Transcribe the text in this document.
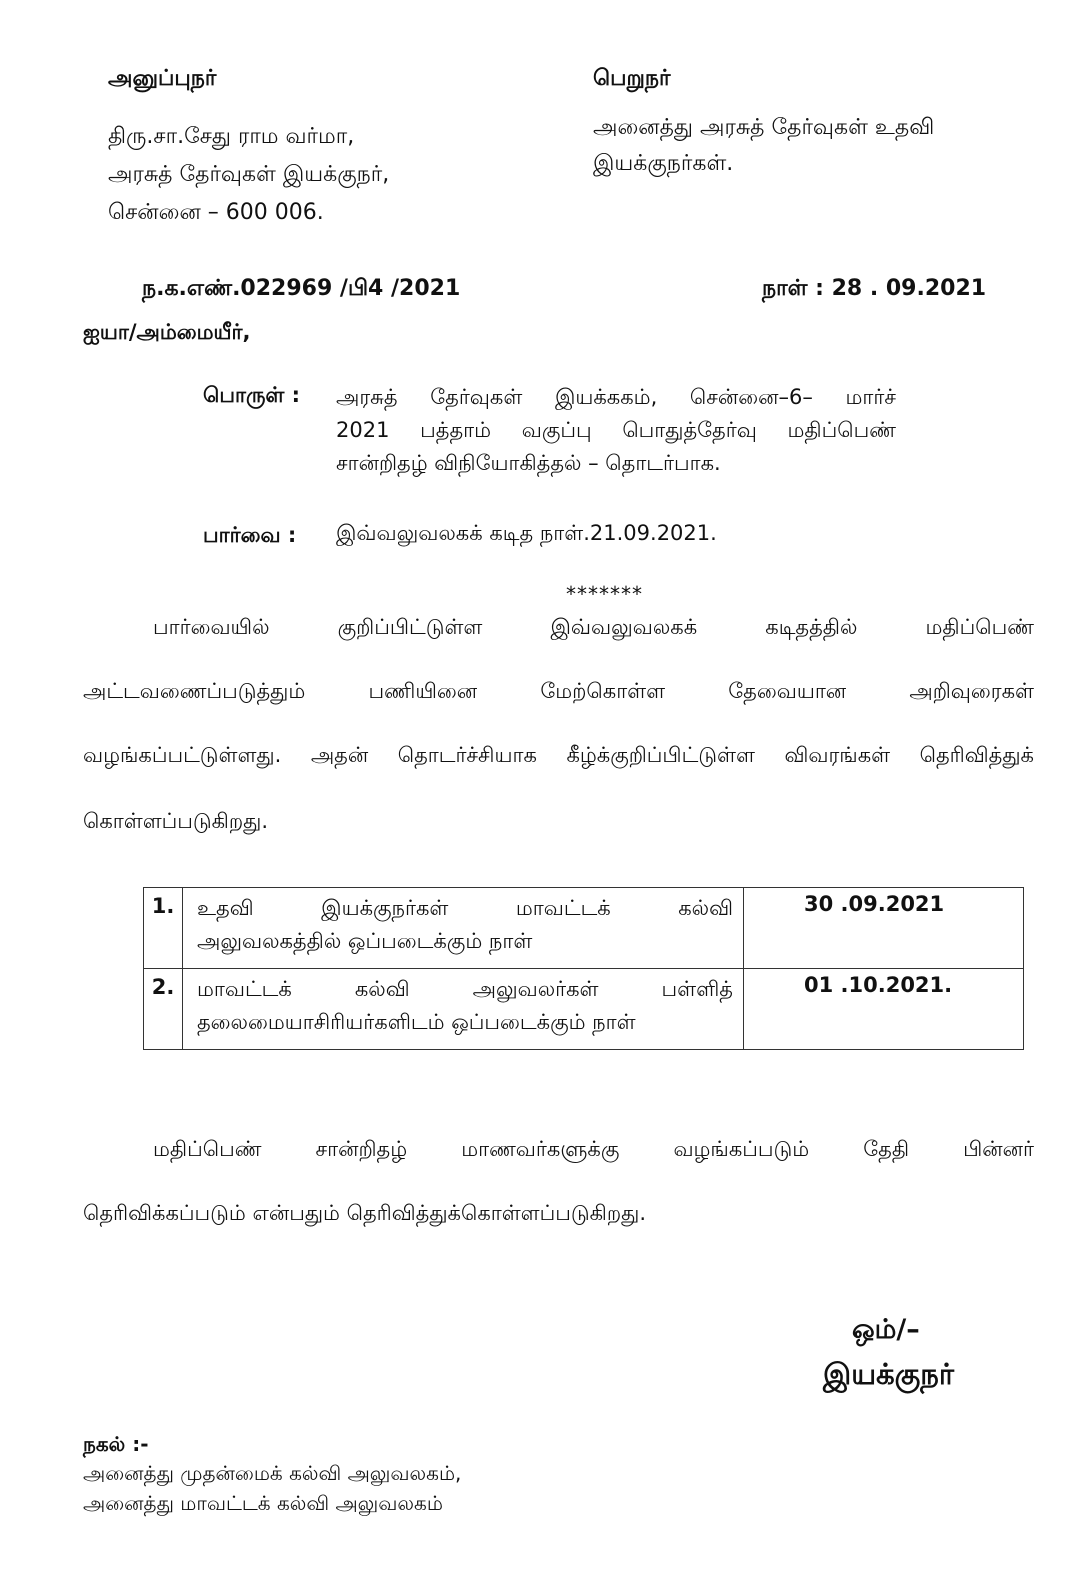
அனுப்புநர்
திரு.சா.சேது ராம வர்மா,
அரசுத் தேர்வுகள் இயக்குநர்,
சென்னை – 600 006.
பெறுநர்
அனைத்து அரசுத் தேர்வுகள் உதவி
இயக்குநர்கள்.
ந.க.எண்.022969 /பி4 /2021	நாள் : 28 . 09.2021
ஐயா/அம்மையீர்,
பொருள் : அரசுத் தேர்வுகள் இயக்ககம், சென்னை–6– மார்ச்
2021 பத்தாம் வகுப்பு பொதுத்தேர்வு மதிப்பெண்
சான்றிதழ் விநியோகித்தல் – தொடர்பாக.
பார்வை : இவ்வலுவலகக் கடித நாள்.21.09.2021.
*******
பார்வையில்	குறிப்பிட்டுள்ள	இவ்வலுவலகக்	கடிதத்தில்	மதிப்பெண்
அட்டவணைப்படுத்தும்	பணியினை	மேற்கொள்ள	தேவையான	அறிவுரைகள்
வழங்கப்பட்டுள்ளது. அதன் தொடர்ச்சியாக கீழ்க்குறிப்பிட்டுள்ள விவரங்கள் தெரிவித்துக்
கொள்ளப்படுகிறது.
1.	உதவி இயக்குநர்கள் மாவட்டக் கல்வி
அலுவலகத்தில் ஒப்படைக்கும் நாள்	30 .09.2021
2.	மாவட்டக் கல்வி அலுவலர்கள் பள்ளித்
தலைமையாசிரியர்களிடம் ஒப்படைக்கும் நாள்	01 .10.2021.
மதிப்பெண்	சான்றிதழ்	மாணவர்களுக்கு	வழங்கப்படும்	தேதி	பின்னர்
தெரிவிக்கப்படும் என்பதும் தெரிவித்துக்கொள்ளப்படுகிறது.
ஒம்/–
இயக்குநர்
நகல் :-
அனைத்து முதன்மைக் கல்வி அலுவலகம்,
அனைத்து மாவட்டக் கல்வி அலுவலகம்
